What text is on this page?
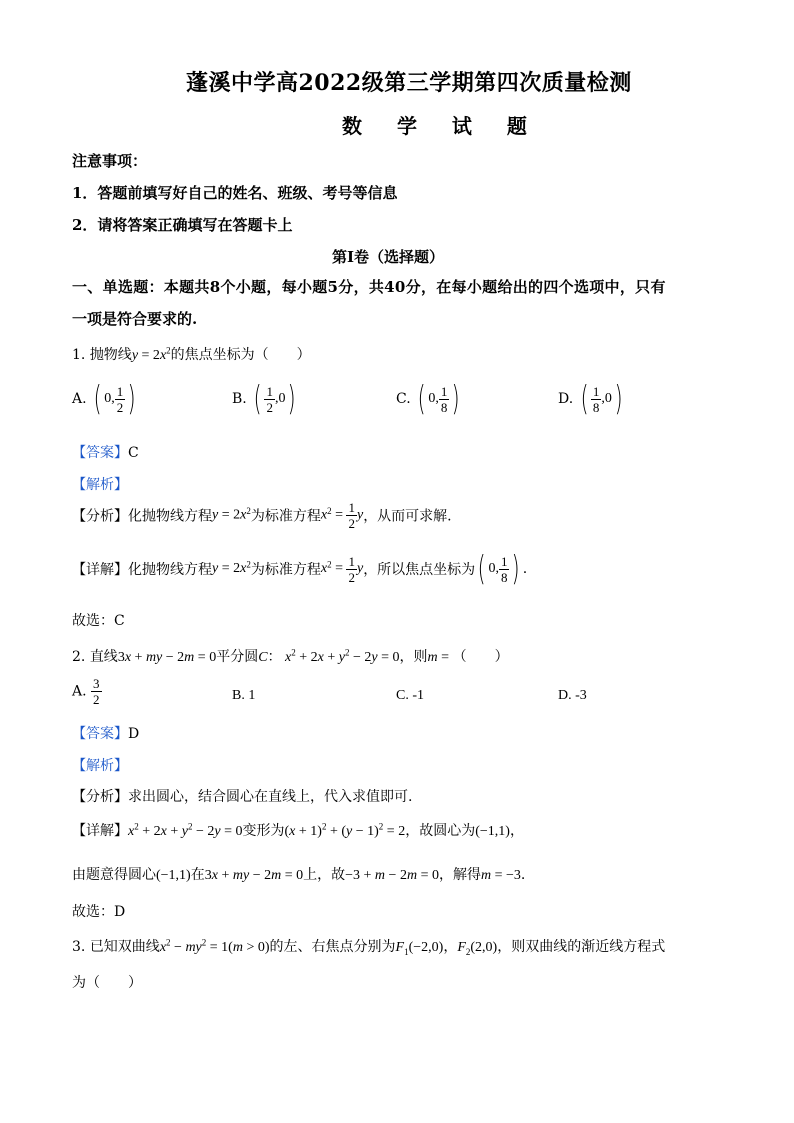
蓬溪中学高2022级第三学期第四次质量检测
数 学 试 题
注意事项：
1．答题前填写好自己的姓名、班级、考号等信息
2．请将答案正确填写在答题卡上
第Ⅰ卷（选择题）
一、单选题：本题共8个小题，每小题5分，共40分，在每小题给出的四个选项中，只有
一项是符合要求的.
1. 抛物线$y = 2x^2$的焦点坐标为（　　）
A. ( 0, $\frac{1}{2}$ )	B. ( $\frac{1}{2} ,0$)	C. ( 0, $\frac{1}{8}$ )	D. ( $\frac{1}{8} ,0$)
【答案】C
【解析】
【分析】化抛物线方程$y = 2x^2$为标准方程$x^2 = \frac{1}{2}$ y，从而可求解.
【详解】化抛物线方程$y = 2x^2$为标准方程$x^2 = \frac{1}{2}$ y，所以焦点坐标为( 0, $\frac{1}{8}$ ) .
故选：C
2. 直线3x + my − 2m = 0平分圆C： $x^2 + 2x + y^2 - 2y = 0$，则m = （　　）
A. $\frac{3}{2}$	B. 1	C. -1	D. -3
【答案】D
【解析】
【分析】求出圆心，结合圆心在直线上，代入求值即可.
【详解】$x^2 + 2x + y^2 - 2y = 0$变形为$(x + 1)^2 + (y - 1)^2 = 2$，故圆心为(−1,1)，
由题意得圆心(−1,1)在3x + my − 2m = 0上，故−3 + m − 2m = 0，解得m = −3.
故选：D
3. 已知双曲线$x^2 - my^2 = 1(m > 0)$的左、右焦点分别为$F_1(-2,0)$，$F_2(2,0)$，则双曲线的渐近线方程式
为（　　）
